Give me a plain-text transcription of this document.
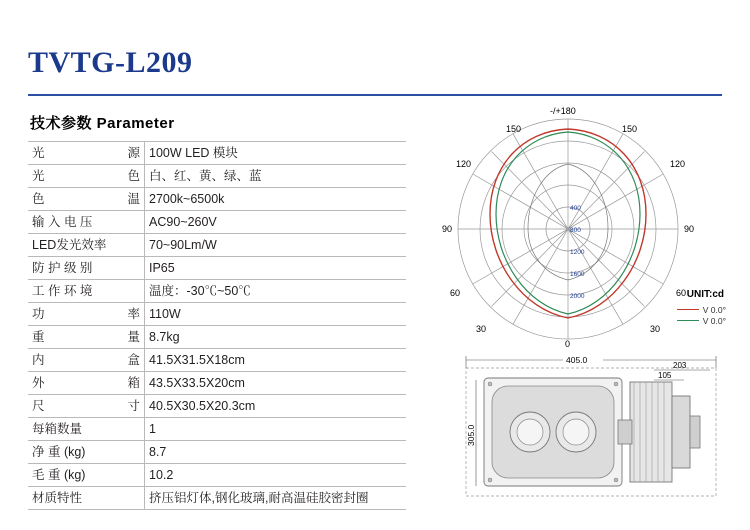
TVTG-L209
技术参数 Parameter
光 源	100W LED 模块

光 色	白、红、黄、绿、蓝

色 温	2700k~6500k

输 入 电 压	AC90~260V

LED发光效率	70~90Lm/W

防 护 级 别	IP65

工 作 环 境	温度：-30℃~50℃

功 率	110W

重 量	8.7kg

内 盒	41.5X31.5X18cm

外 箱	43.5X33.5X20cm

尺 寸	40.5X30.5X20.3cm

每箱数量	1

净 重 (kg)	8.7

毛 重 (kg)	10.2

材质特性	挤压铝灯体,钢化玻璃,耐高温硅胶密封圈
400
800
1200
1600
2000
-/+180
0
150	150
120	120
90	90
60	60
30	30
UNIT:cd
V 0.0°
V 0.0°
405.0
203
105
305.0
